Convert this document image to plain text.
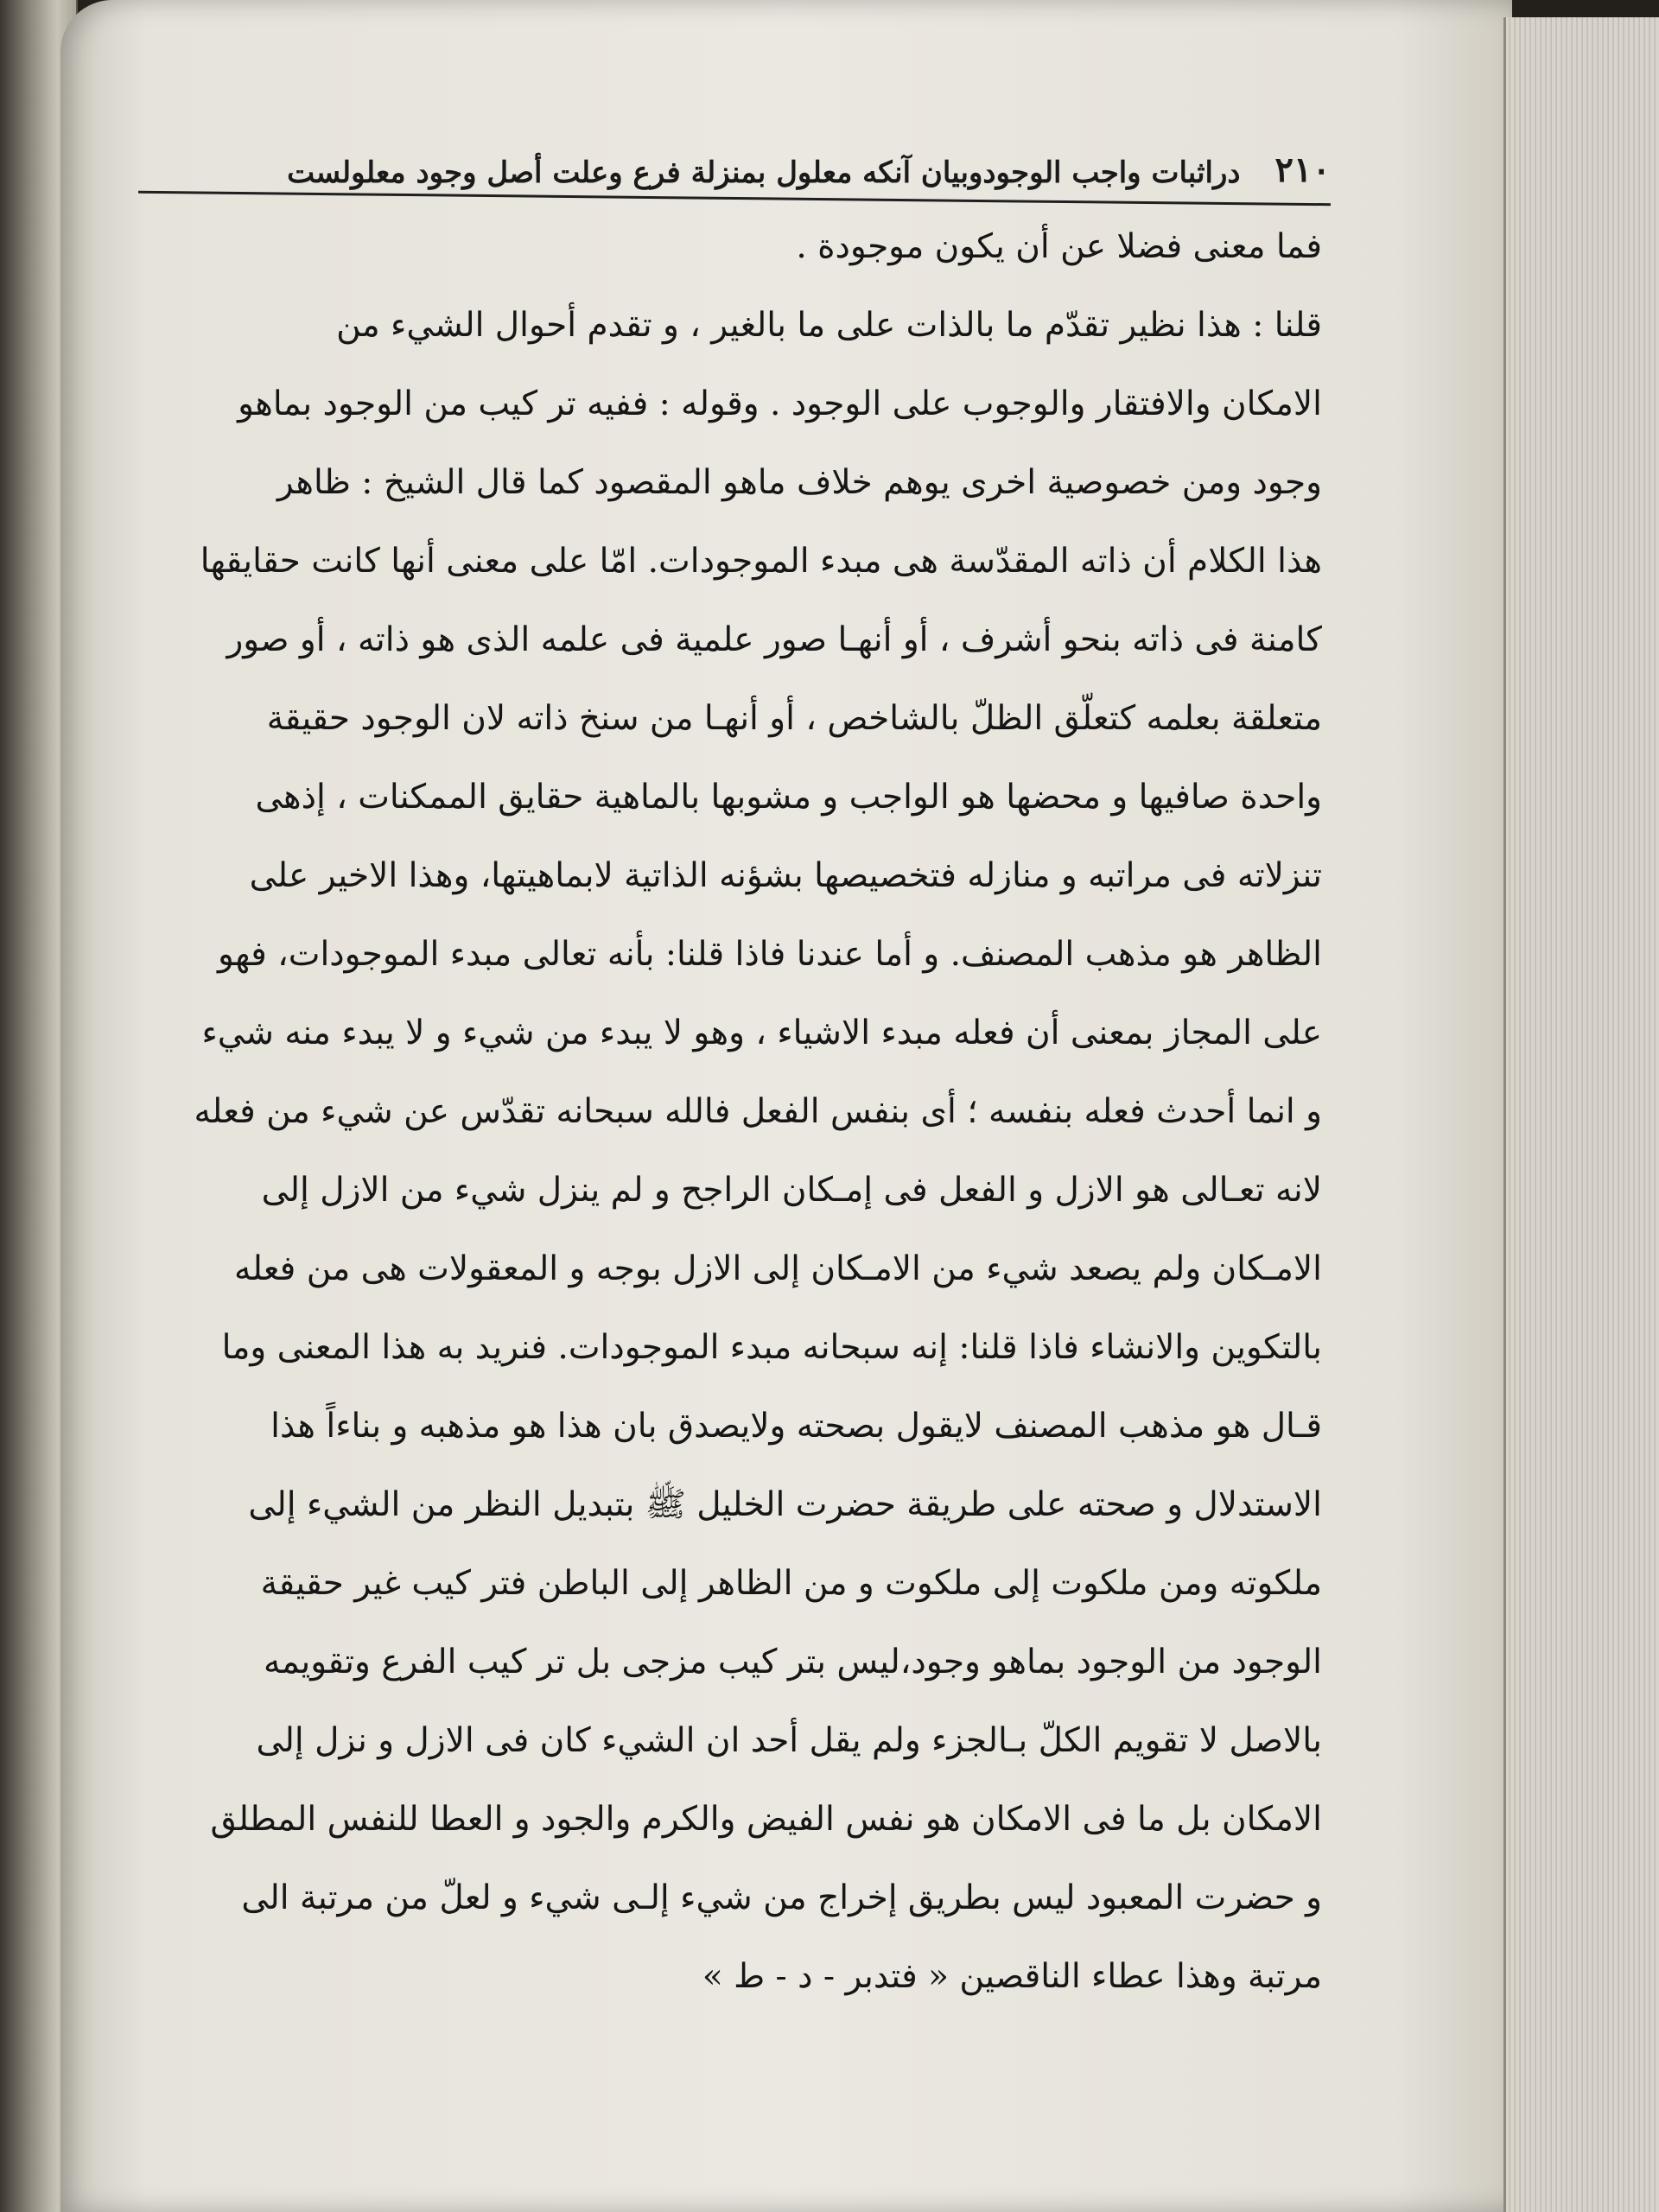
۲۱۰
دراثبات واجب الوجودوبيان آنكه معلول بمنزلة فرع وعلت أصل وجود معلولست
فما معنى فضلا عن أن يكون موجودة .
قلنا : هذا نظير تقدّم ما بالذات على ما بالغير ، و تقدم أحوال الشيء من
الامكان والافتقار والوجوب على الوجود . وقوله : ففيه تر كيب من الوجود بماهو
وجود ومن خصوصية اخرى يوهم خلاف ماهو المقصود كما قال الشيخ : ظاهر
هذا الكلام أن ذاته المقدّسة هى مبدء الموجودات. امّا على معنى أنها كانت حقايقها
كامنة فى ذاته بنحو أشرف ، أو أنهـا صور علمية فى علمه الذى هو ذاته ، أو صور
متعلقة بعلمه كتعلّق الظلّ بالشاخص ، أو أنهـا من سنخ ذاته لان الوجود حقيقة
واحدة صافيها و محضها هو الواجب و مشوبها بالماهية حقايق الممكنات ، إذهى
تنزلاته فى مراتبه و منازله فتخصيصها بشؤنه الذاتية لابماهيتها، وهذا الاخير على
الظاهر هو مذهب المصنف. و أما عندنا فاذا قلنا: بأنه تعالى مبدء الموجودات، فهو
على المجاز بمعنى أن فعله مبدء الاشياء ، وهو لا يبدء من شيء و لا يبدء منه شيء
و انما أحدث فعله بنفسه ؛ أى بنفس الفعل فالله سبحانه تقدّس عن شيء من فعله
لانه تعـالى هو الازل و الفعل فى إمـكان الراجح و لم ينزل شيء من الازل إلى
الامـكان ولم يصعد شيء من الامـكان إلى الازل بوجه و المعقولات هى من فعله
بالتكوين والانشاء فاذا قلنا: إنه سبحانه مبدء الموجودات. فنريد به هذا المعنى وما
قـال هو مذهب المصنف لايقول بصحته ولايصدق بان هذا هو مذهبه و بناءاً هذا
الاستدلال و صحته على طريقة حضرت الخليل ﷺ بتبديل النظر من الشيء إلى
ملكوته ومن ملكوت إلى ملكوت و من الظاهر إلى الباطن فتر كيب غير حقيقة
الوجود من الوجود بماهو وجود،ليس بتر كيب مزجى بل تر كيب الفرع وتقويمه
بالاصل لا تقويم الكلّ بـالجزء ولم يقل أحد ان الشيء كان فى الازل و نزل إلى
الامكان بل ما فى الامكان هو نفس الفيض والكرم والجود و العطا للنفس المطلق
و حضرت المعبود ليس بطريق إخراج من شيء إلـى شيء و لعلّ من مرتبة الى
مرتبة وهذا عطاء الناقصين « فتدبر - د - ط »
